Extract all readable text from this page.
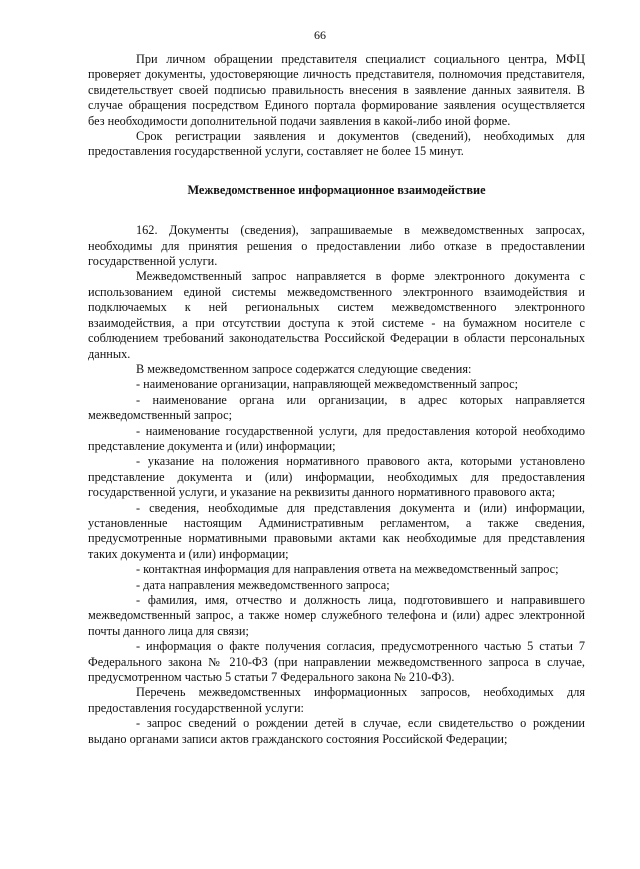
66

При личном обращении представителя специалист социального центра, МФЦ проверяет документы, удостоверяющие личность представителя, полномочия представителя, свидетельствует своей подписью правильность внесения в заявление данных заявителя. В случае обращения посредством Единого портала формирование заявления осуществляется без необходимости дополнительной подачи заявления в какой-либо иной форме.

Срок регистрации заявления и документов (сведений), необходимых для предоставления государственной услуги, составляет не более 15 минут.

Межведомственное информационное взаимодействие

162. Документы (сведения), запрашиваемые в межведомственных запросах, необходимы для принятия решения о предоставлении либо отказе в предоставлении государственной услуги.

Межведомственный запрос направляется в форме электронного документа с использованием единой системы межведомственного электронного взаимодействия и подключаемых к ней региональных систем межведомственного электронного взаимодействия, а при отсутствии доступа к этой системе - на бумажном носителе с соблюдением требований законодательства Российской Федерации в области персональных данных.

В межведомственном запросе содержатся следующие сведения:

- наименование организации, направляющей межведомственный запрос;

- наименование органа или организации, в адрес которых направляется межведомственный запрос;

- наименование государственной услуги, для предоставления которой необходимо представление документа и (или) информации;

- указание на положения нормативного правового акта, которыми установлено представление документа и (или) информации, необходимых для предоставления государственной услуги, и указание на реквизиты данного нормативного правового акта;

- сведения, необходимые для представления документа и (или) информации, установленные настоящим Административным регламентом, а также сведения, предусмотренные нормативными правовыми актами как необходимые для представления таких документа и (или) информации;

- контактная информация для направления ответа на межведомственный запрос;

- дата направления межведомственного запроса;

- фамилия, имя, отчество и должность лица, подготовившего и направившего межведомственный запрос, а также номер служебного телефона и (или) адрес электронной почты данного лица для связи;

- информация о факте получения согласия, предусмотренного частью 5 статьи 7 Федерального закона № 210-ФЗ (при направлении межведомственного запроса в случае, предусмотренном частью 5 статьи 7 Федерального закона № 210-ФЗ).

Перечень межведомственных информационных запросов, необходимых для предоставления государственной услуги:

- запрос сведений о рождении детей в случае, если свидетельство о рождении выдано органами записи актов гражданского состояния Российской Федерации;
